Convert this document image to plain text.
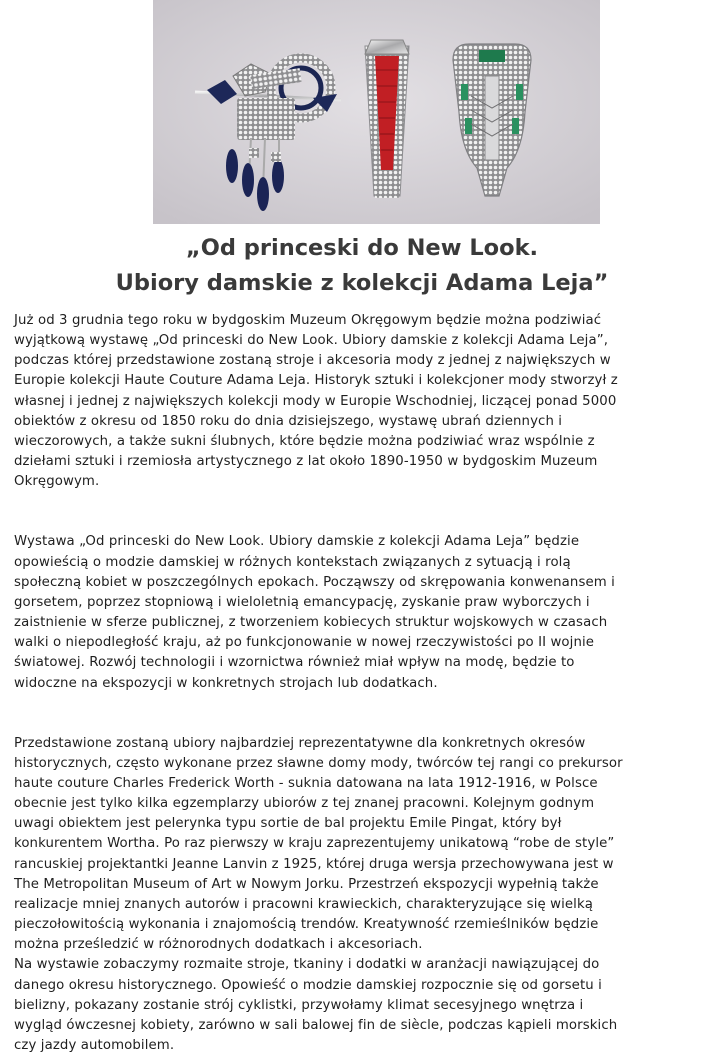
„Od princeski do New Look.
Ubiory damskie z kolekcji Adama Leja”

Już od 3 grudnia tego roku w bydgoskim Muzeum Okręgowym będzie można podziwiać
wyjątkową wystawę „Od princeski do New Look. Ubiory damskie z kolekcji Adama Leja”,
podczas której przedstawione zostaną stroje i akcesoria mody z jednej z największych w
Europie kolekcji Haute Couture Adama Leja. Historyk sztuki i kolekcjoner mody stworzył z
własnej i jednej z największych kolekcji mody w Europie Wschodniej, liczącej ponad 5000
obiektów z okresu od 1850 roku do dnia dzisiejszego, wystawę ubrań dziennych i
wieczorowych, a także sukni ślubnych, które będzie można podziwiać wraz wspólnie z
dziełami sztuki i rzemiosła artystycznego z lat około 1890-1950 w bydgoskim Muzeum
Okręgowym.

Wystawa „Od princeski do New Look. Ubiory damskie z kolekcji Adama Leja” będzie
opowieścią o modzie damskiej w różnych kontekstach związanych z sytuacją i rolą
społeczną kobiet w poszczególnych epokach. Począwszy od skrępowania konwenansem i
gorsetem, poprzez stopniową i wieloletnią emancypację, zyskanie praw wyborczych i
zaistnienie w sferze publicznej, z tworzeniem kobiecych struktur wojskowych w czasach
walki o niepodległość kraju, aż po funkcjonowanie w nowej rzeczywistości po II wojnie
światowej. Rozwój technologii i wzornictwa również miał wpływ na modę, będzie to
widoczne na ekspozycji w konkretnych strojach lub dodatkach.

Przedstawione zostaną ubiory najbardziej reprezentatywne dla konkretnych okresów
historycznych, często wykonane przez sławne domy mody, twórców tej rangi co prekursor
haute couture Charles Frederick Worth - suknia datowana na lata 1912-1916, w Polsce
obecnie jest tylko kilka egzemplarzy ubiorów z tej znanej pracowni. Kolejnym godnym
uwagi obiektem jest pelerynka typu sortie de bal projektu Emile Pingat, który był
konkurentem Wortha. Po raz pierwszy w kraju zaprezentujemy unikatową “robe de style”
rancuskiej projektantki Jeanne Lanvin z 1925, której druga wersja przechowywana jest w
The Metropolitan Museum of Art w Nowym Jorku. Przestrzeń ekspozycji wypełnią także
realizacje mniej znanych autorów i pracowni krawieckich, charakteryzujące się wielką
pieczołowitością wykonania i znajomością trendów. Kreatywność rzemieślników będzie
można prześledzić w różnorodnych dodatkach i akcesoriach.
Na wystawie zobaczymy rozmaite stroje, tkaniny i dodatki w aranżacji nawiązującej do
danego okresu historycznego. Opowieść o modzie damskiej rozpocznie się od gorsetu i
bielizny, pokazany zostanie strój cyklistki, przywołamy klimat secesyjnego wnętrza i
wygląd ówczesnej kobiety, zarówno w sali balowej fin de siècle, podczas kąpieli morskich
czy jazdy automobilem.
